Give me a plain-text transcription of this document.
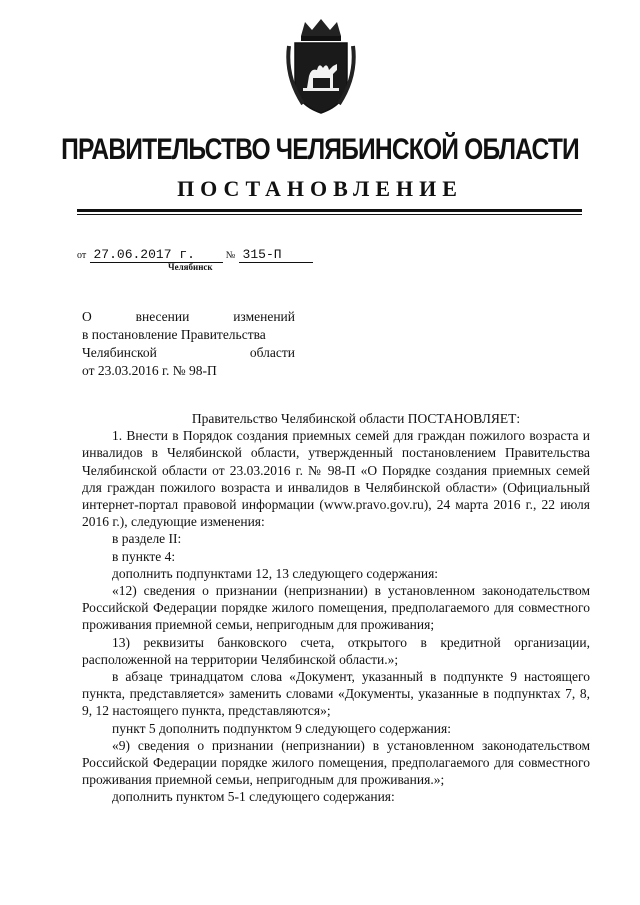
ПРАВИТЕЛЬСТВО ЧЕЛЯБИНСКОЙ ОБЛАСТИ
ПОСТАНОВЛЕНИЕ
от 27.06.2017 г.	№ 315-П
Челябинск
О внесении изменений
в постановление Правительства
Челябинской области
от 23.03.2016 г. № 98-П

Правительство Челябинской области ПОСТАНОВЛЯЕТ:

1. Внести в Порядок создания приемных семей для граждан пожилого возраста и инвалидов в Челябинской области, утвержденный постановлением Правительства Челябинской области от 23.03.2016 г. № 98-П «О Порядке создания приемных семей для граждан пожилого возраста и инвалидов в Челябинской области» (Официальный интернет-портал правовой информации (www.pravo.gov.ru), 24 марта 2016 г., 22 июля 2016 г.), следующие изменения:

в разделе II:

в пункте 4:

дополнить подпунктами 12, 13 следующего содержания:

«12) сведения о признании (непризнании) в установленном законодательством Российской Федерации порядке жилого помещения, предполагаемого для совместного проживания приемной семьи, непригодным для проживания;

13) реквизиты банковского счета, открытого в кредитной организации, расположенной на территории Челябинской области.»;

в абзаце тринадцатом слова «Документ, указанный в подпункте 9 настоящего пункта, представляется» заменить словами «Документы, указанные в подпунктах 7, 8, 9, 12 настоящего пункта, представляются»;

пункт 5 дополнить подпунктом 9 следующего содержания:

«9) сведения о признании (непризнании) в установленном законодательством Российской Федерации порядке жилого помещения, предполагаемого для совместного проживания приемной семьи, непригодным для проживания.»;

дополнить пунктом 5-1 следующего содержания:
